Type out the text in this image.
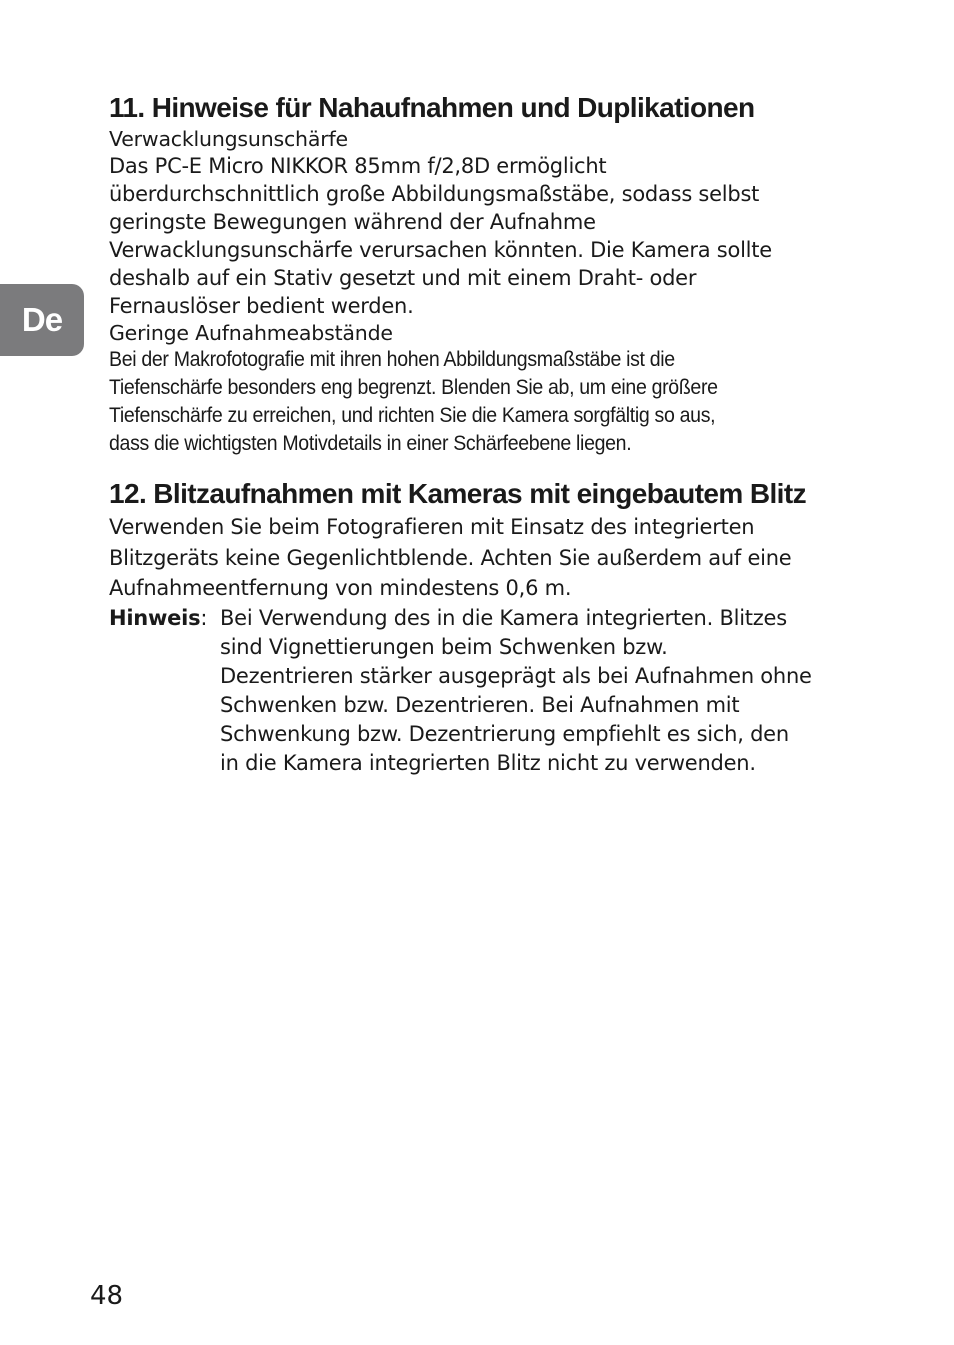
De
11. Hinweise für Nahaufnahmen und Duplikationen
Verwacklungsunschärfe
Das PC-E Micro NIKKOR 85mm f/2,8D ermöglicht
überdurchschnittlich große Abbildungsmaßstäbe, sodass selbst
geringste Bewegungen während der Aufnahme
Verwacklungsunschärfe verursachen könnten. Die Kamera sollte
deshalb auf ein Stativ gesetzt und mit einem Draht- oder
Fernauslöser bedient werden.
Geringe Aufnahmeabstände
Bei der Makrofotografie mit ihren hohen Abbildungsmaßstäbe ist die
Tiefenschärfe besonders eng begrenzt. Blenden Sie ab, um eine größere
Tiefenschärfe zu erreichen, und richten Sie die Kamera sorgfältig so aus,
dass die wichtigsten Motivdetails in einer Schärfeebene liegen.
12. Blitzaufnahmen mit Kameras mit eingebautem Blitz
Verwenden Sie beim Fotografieren mit Einsatz des integrierten
Blitzgeräts keine Gegenlichtblende. Achten Sie außerdem auf eine
Aufnahmeentfernung von mindestens 0,6 m.
Hinweis: Bei Verwendung des in die Kamera integrierten. Blitzes
sind Vignettierungen beim Schwenken bzw.
Dezentrieren stärker ausgeprägt als bei Aufnahmen ohne
Schwenken bzw. Dezentrieren. Bei Aufnahmen mit
Schwenkung bzw. Dezentrierung empfiehlt es sich, den
in die Kamera integrierten Blitz nicht zu verwenden.
48
